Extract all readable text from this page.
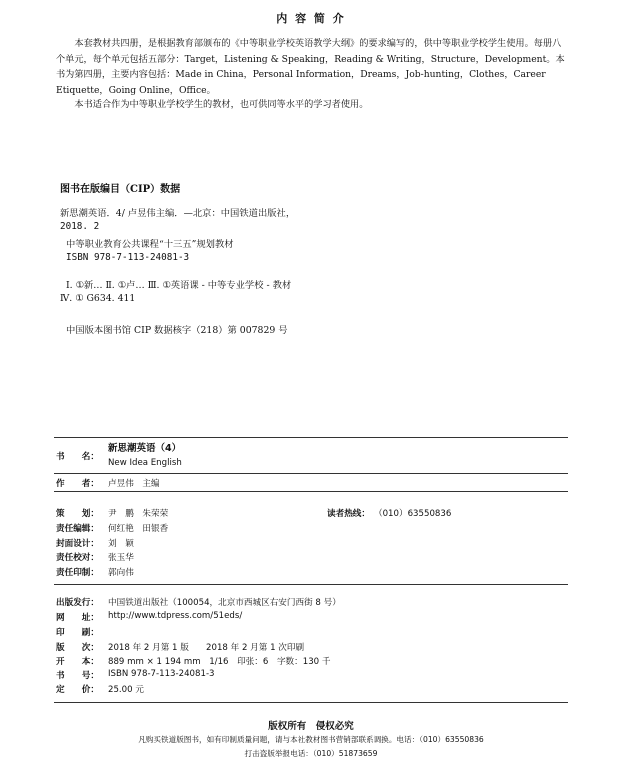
内 容 简 介
本套教材共四册，是根据教育部颁布的《中等职业学校英语教学大纲》的要求编写的，供中等职业学校学生使用。每册八个单元，每个单元包括五部分：Target，Listening & Speaking，Reading & Writing，Structure，Development。本书为第四册，主要内容包括：Made in China，Personal Information，Dreams，Job-hunting，Clothes，Career Etiquette，Going Online，Office。
本书适合作为中等职业学校学生的教材，也可供同等水平的学习者使用。
图书在版编目（CIP）数据
新思潮英语．4/ 卢昱伟主编．—北京：中国铁道出版社，
2018. 2
中等职业教育公共课程“十三五”规划教材
ISBN 978-7-113-24081-3
Ⅰ. ①新… Ⅱ. ①卢… Ⅲ. ①英语课 - 中等专业学校 - 教材
Ⅳ. ① G634. 411
中国版本图书馆 CIP 数据核字（218）第 007829 号
书　　名：
新思潮英语（4）
New Idea English
作　　者： 卢昱伟　主编
策　　划： 尹　鹏　朱荣荣	读者热线： （010）63550836
责任编辑： 何红艳　田银香
封面设计： 刘　颖
责任校对： 张玉华
责任印制： 郭向伟
出版发行： 中国铁道出版社（100054，北京市西城区右安门西街 8 号）
网　　址： http://www.tdpress.com/51eds/
印　　刷：
版　　次： 2018 年 2 月第 1 版　　2018 年 2 月第 1 次印刷
开　　本： 889 mm × 1 194 mm　1/16　印张：6　字数：130 千
书　　号： ISBN 978-7-113-24081-3
定　　价： 25.00 元
版权所有　侵权必究
凡购买铁道版图书，如有印制质量问题，请与本社教材图书营销部联系调换。电话：（010）63550836
打击盗版举报电话：（010）51873659
